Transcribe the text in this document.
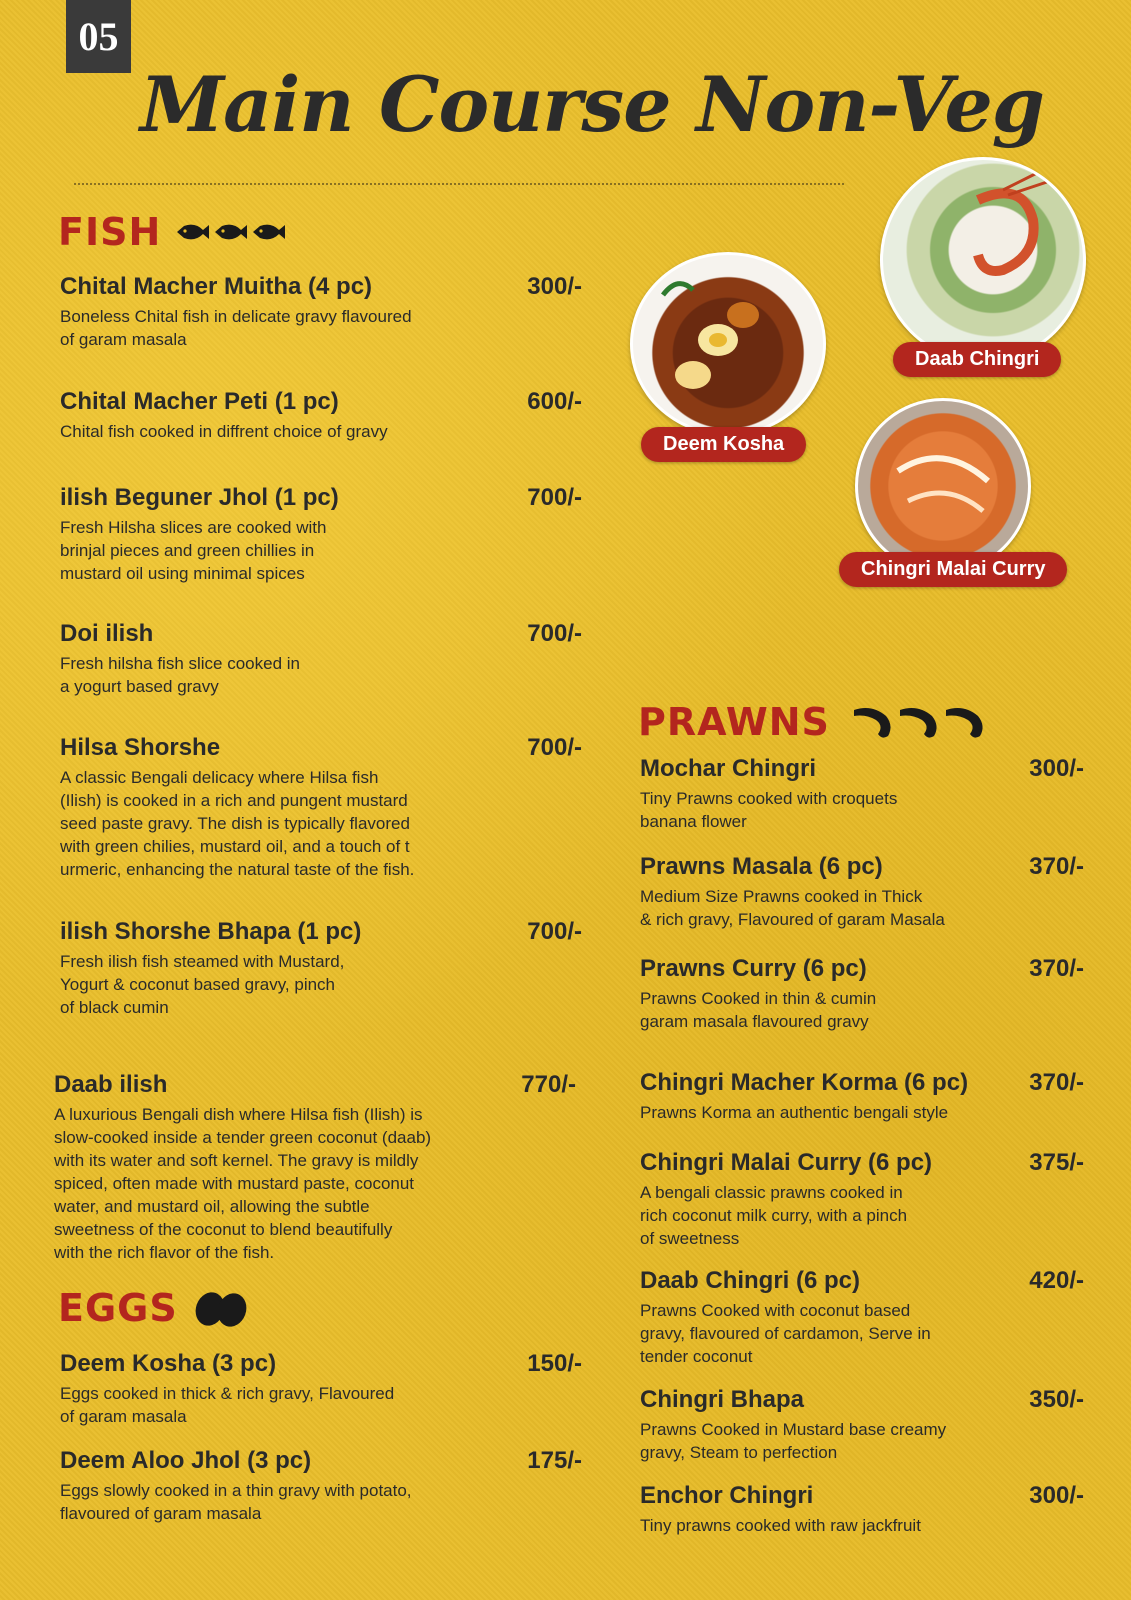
05
Main Course Non-Veg
FISH
Chital Macher Muitha (4 pc)	300/-
Boneless Chital fish in delicate gravy flavoured
of garam masala
Chital Macher Peti (1 pc)	600/-
Chital fish cooked in diffrent choice of gravy
ilish Beguner Jhol (1 pc)	700/-
Fresh Hilsha slices are cooked with
brinjal pieces and green chillies in
mustard oil using minimal spices
Doi ilish	700/-
Fresh hilsha fish slice cooked in
a yogurt based gravy
Hilsa Shorshe	700/-
A classic Bengali delicacy where Hilsa fish
(Ilish) is cooked in a rich and pungent mustard
seed paste gravy. The dish is typically flavored
with green chilies, mustard oil, and a touch of t
urmeric, enhancing the natural taste of the fish.
ilish Shorshe Bhapa (1 pc)	700/-
Fresh ilish fish steamed with Mustard,
Yogurt & coconut based gravy, pinch
of black cumin
Daab ilish	770/-
A luxurious Bengali dish where Hilsa fish (Ilish) is
slow-cooked inside a tender green coconut (daab)
with its water and soft kernel. The gravy is mildly
spiced, often made with mustard paste, coconut
water, and mustard oil, allowing the subtle
sweetness of the coconut to blend beautifully
with the rich flavor of the fish.
EGGS
Deem Kosha (3 pc)	150/-
Eggs cooked in thick & rich gravy, Flavoured
of garam masala
Deem Aloo Jhol (3 pc)	175/-
Eggs slowly cooked in a thin gravy with potato,
flavoured of garam masala
Daab Chingri
Deem Kosha
Chingri Malai Curry
PRAWNS
Mochar Chingri	300/-
Tiny Prawns cooked with croquets
banana flower
Prawns Masala (6 pc)	370/-
Medium Size Prawns cooked in Thick
& rich gravy, Flavoured of garam Masala
Prawns Curry (6 pc)	370/-
Prawns Cooked in thin & cumin
garam masala flavoured gravy
Chingri Macher Korma (6 pc)	370/-
Prawns Korma an authentic bengali style
Chingri Malai Curry (6 pc)	375/-
A bengali classic prawns cooked in
rich coconut milk curry, with a pinch
of sweetness
Daab Chingri (6 pc)	420/-
Prawns Cooked with coconut based
gravy, flavoured of cardamon, Serve in
tender coconut
Chingri Bhapa	350/-
Prawns Cooked in Mustard base creamy
gravy, Steam to perfection
Enchor Chingri	300/-
Tiny prawns cooked with raw jackfruit
